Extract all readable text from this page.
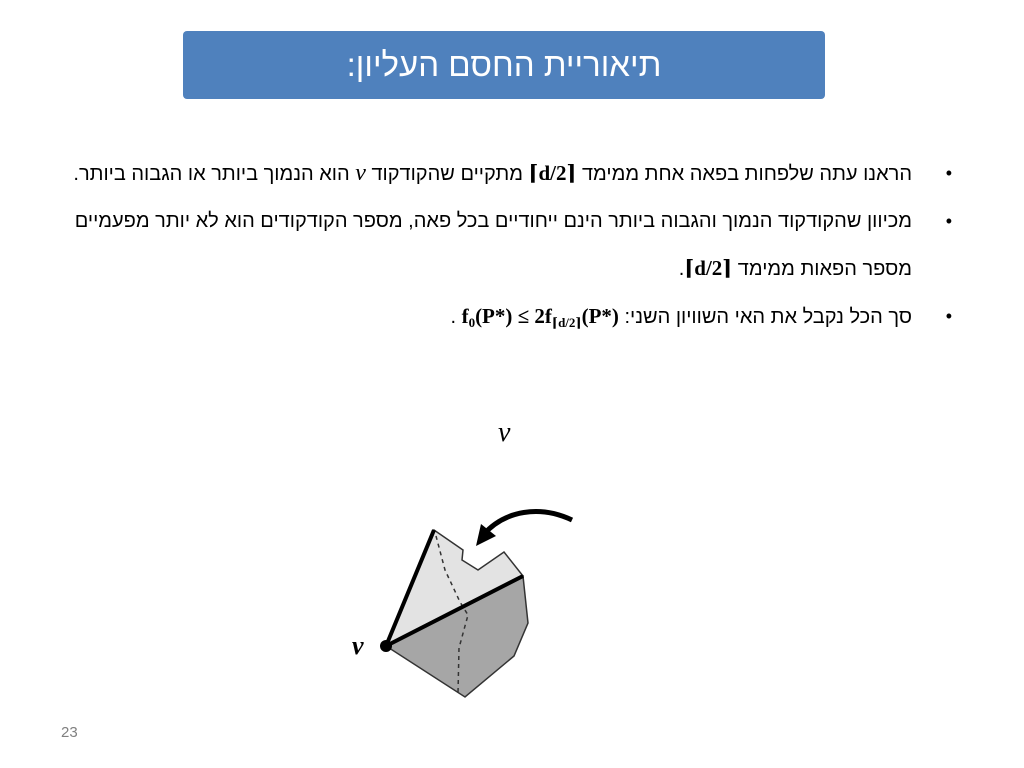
תיאוריית החסם העליון:
•
הראנו עתה שלפחות בפאה אחת ממימד ⌈d/2⌉ מתקיים שהקודקוד v הוא הנמוך ביותר או הגבוה ביותר.
•
מכיוון שהקודקוד הנמוך והגבוה ביותר הינם ייחודיים בכל פאה, מספר הקודקודים הוא לא יותר מפעמיים מספר הפאות ממימד ⌈d/2⌉.
•
סך הכל נקבל את האי השוויון השני: f0(P*) ≤ 2f⌈d/2⌉(P*) .
v
v
23
